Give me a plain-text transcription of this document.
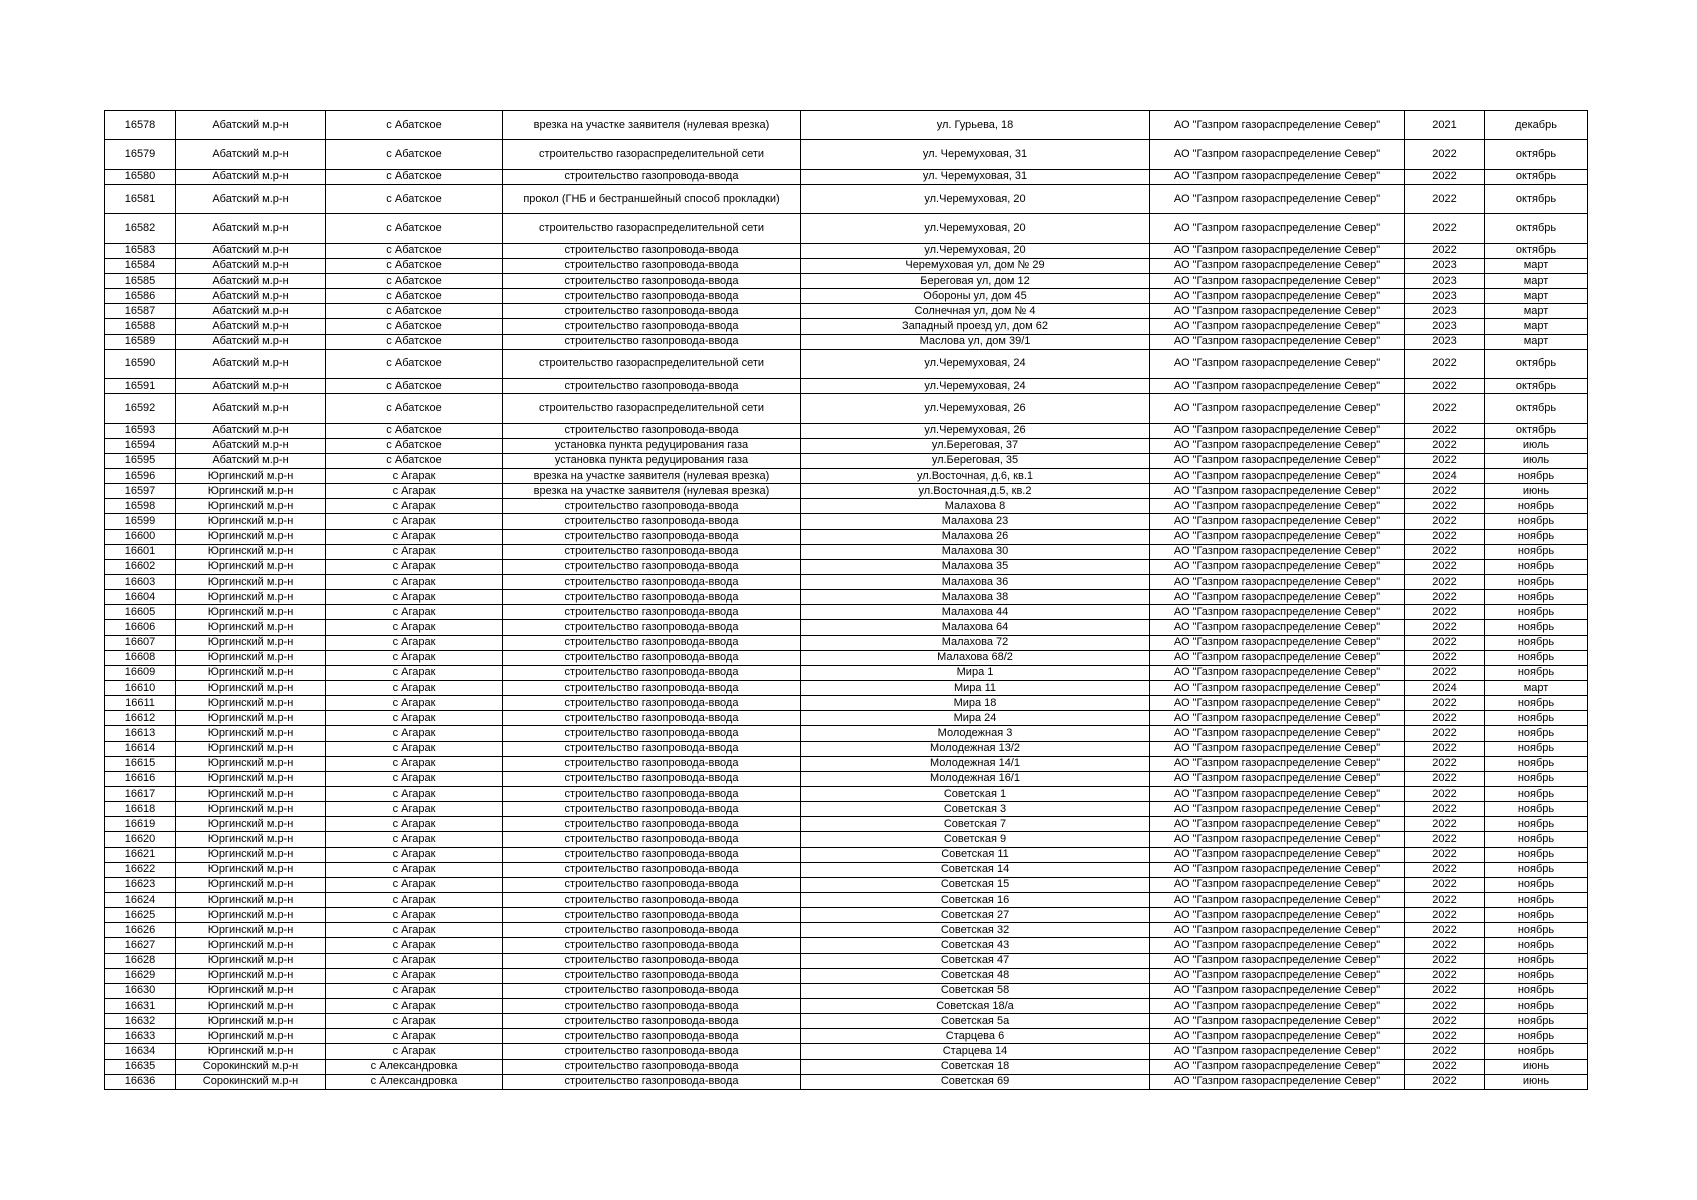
16578	Абатский м.р-н	с Абатское	врезка на участке заявителя (нулевая врезка)	ул. Гурьева, 18	АО "Газпром газораспределение Север"	2021	декабрь
16579	Абатский м.р-н	с Абатское	строительство газораспределительной сети	ул. Черемуховая, 31	АО "Газпром газораспределение Север"	2022	октябрь
16580	Абатский м.р-н	с Абатское	строительство газопровода-ввода	ул. Черемуховая, 31	АО "Газпром газораспределение Север"	2022	октябрь
16581	Абатский м.р-н	с Абатское	прокол (ГНБ и бестраншейный способ прокладки)	ул.Черемуховая, 20	АО "Газпром газораспределение Север"	2022	октябрь
16582	Абатский м.р-н	с Абатское	строительство газораспределительной сети	ул.Черемуховая, 20	АО "Газпром газораспределение Север"	2022	октябрь
16583	Абатский м.р-н	с Абатское	строительство газопровода-ввода	ул.Черемуховая, 20	АО "Газпром газораспределение Север"	2022	октябрь
16584	Абатский м.р-н	с Абатское	строительство газопровода-ввода	Черемуховая ул, дом № 29	АО "Газпром газораспределение Север"	2023	март
16585	Абатский м.р-н	с Абатское	строительство газопровода-ввода	Береговая ул, дом 12	АО "Газпром газораспределение Север"	2023	март
16586	Абатский м.р-н	с Абатское	строительство газопровода-ввода	Обороны ул, дом 45	АО "Газпром газораспределение Север"	2023	март
16587	Абатский м.р-н	с Абатское	строительство газопровода-ввода	Солнечная ул, дом № 4	АО "Газпром газораспределение Север"	2023	март
16588	Абатский м.р-н	с Абатское	строительство газопровода-ввода	Западный проезд ул, дом 62	АО "Газпром газораспределение Север"	2023	март
16589	Абатский м.р-н	с Абатское	строительство газопровода-ввода	Маслова ул, дом 39/1	АО "Газпром газораспределение Север"	2023	март
16590	Абатский м.р-н	с Абатское	строительство газораспределительной сети	ул.Черемуховая, 24	АО "Газпром газораспределение Север"	2022	октябрь
16591	Абатский м.р-н	с Абатское	строительство газопровода-ввода	ул.Черемуховая, 24	АО "Газпром газораспределение Север"	2022	октябрь
16592	Абатский м.р-н	с Абатское	строительство газораспределительной сети	ул.Черемуховая, 26	АО "Газпром газораспределение Север"	2022	октябрь
16593	Абатский м.р-н	с Абатское	строительство газопровода-ввода	ул.Черемуховая, 26	АО "Газпром газораспределение Север"	2022	октябрь
16594	Абатский м.р-н	с Абатское	установка пункта редуцирования газа	ул.Береговая, 37	АО "Газпром газораспределение Север"	2022	июль
16595	Абатский м.р-н	с Абатское	установка пункта редуцирования газа	ул.Береговая, 35	АО "Газпром газораспределение Север"	2022	июль
16596	Юргинский м.р-н	с Агарак	врезка на участке заявителя (нулевая врезка)	ул.Восточная, д.6, кв.1	АО "Газпром газораспределение Север"	2024	ноябрь
16597	Юргинский м.р-н	с Агарак	врезка на участке заявителя (нулевая врезка)	ул.Восточная,д.5, кв.2	АО "Газпром газораспределение Север"	2022	июнь
16598	Юргинский м.р-н	с Агарак	строительство газопровода-ввода	Малахова 8	АО "Газпром газораспределение Север"	2022	ноябрь
16599	Юргинский м.р-н	с Агарак	строительство газопровода-ввода	Малахова 23	АО "Газпром газораспределение Север"	2022	ноябрь
16600	Юргинский м.р-н	с Агарак	строительство газопровода-ввода	Малахова 26	АО "Газпром газораспределение Север"	2022	ноябрь
16601	Юргинский м.р-н	с Агарак	строительство газопровода-ввода	Малахова 30	АО "Газпром газораспределение Север"	2022	ноябрь
16602	Юргинский м.р-н	с Агарак	строительство газопровода-ввода	Малахова 35	АО "Газпром газораспределение Север"	2022	ноябрь
16603	Юргинский м.р-н	с Агарак	строительство газопровода-ввода	Малахова 36	АО "Газпром газораспределение Север"	2022	ноябрь
16604	Юргинский м.р-н	с Агарак	строительство газопровода-ввода	Малахова 38	АО "Газпром газораспределение Север"	2022	ноябрь
16605	Юргинский м.р-н	с Агарак	строительство газопровода-ввода	Малахова 44	АО "Газпром газораспределение Север"	2022	ноябрь
16606	Юргинский м.р-н	с Агарак	строительство газопровода-ввода	Малахова 64	АО "Газпром газораспределение Север"	2022	ноябрь
16607	Юргинский м.р-н	с Агарак	строительство газопровода-ввода	Малахова 72	АО "Газпром газораспределение Север"	2022	ноябрь
16608	Юргинский м.р-н	с Агарак	строительство газопровода-ввода	Малахова 68/2	АО "Газпром газораспределение Север"	2022	ноябрь
16609	Юргинский м.р-н	с Агарак	строительство газопровода-ввода	Мира 1	АО "Газпром газораспределение Север"	2022	ноябрь
16610	Юргинский м.р-н	с Агарак	строительство газопровода-ввода	Мира 11	АО "Газпром газораспределение Север"	2024	март
16611	Юргинский м.р-н	с Агарак	строительство газопровода-ввода	Мира 18	АО "Газпром газораспределение Север"	2022	ноябрь
16612	Юргинский м.р-н	с Агарак	строительство газопровода-ввода	Мира 24	АО "Газпром газораспределение Север"	2022	ноябрь
16613	Юргинский м.р-н	с Агарак	строительство газопровода-ввода	Молодежная 3	АО "Газпром газораспределение Север"	2022	ноябрь
16614	Юргинский м.р-н	с Агарак	строительство газопровода-ввода	Молодежная 13/2	АО "Газпром газораспределение Север"	2022	ноябрь
16615	Юргинский м.р-н	с Агарак	строительство газопровода-ввода	Молодежная 14/1	АО "Газпром газораспределение Север"	2022	ноябрь
16616	Юргинский м.р-н	с Агарак	строительство газопровода-ввода	Молодежная 16/1	АО "Газпром газораспределение Север"	2022	ноябрь
16617	Юргинский м.р-н	с Агарак	строительство газопровода-ввода	Советская 1	АО "Газпром газораспределение Север"	2022	ноябрь
16618	Юргинский м.р-н	с Агарак	строительство газопровода-ввода	Советская 3	АО "Газпром газораспределение Север"	2022	ноябрь
16619	Юргинский м.р-н	с Агарак	строительство газопровода-ввода	Советская 7	АО "Газпром газораспределение Север"	2022	ноябрь
16620	Юргинский м.р-н	с Агарак	строительство газопровода-ввода	Советская 9	АО "Газпром газораспределение Север"	2022	ноябрь
16621	Юргинский м.р-н	с Агарак	строительство газопровода-ввода	Советская 11	АО "Газпром газораспределение Север"	2022	ноябрь
16622	Юргинский м.р-н	с Агарак	строительство газопровода-ввода	Советская 14	АО "Газпром газораспределение Север"	2022	ноябрь
16623	Юргинский м.р-н	с Агарак	строительство газопровода-ввода	Советская 15	АО "Газпром газораспределение Север"	2022	ноябрь
16624	Юргинский м.р-н	с Агарак	строительство газопровода-ввода	Советская 16	АО "Газпром газораспределение Север"	2022	ноябрь
16625	Юргинский м.р-н	с Агарак	строительство газопровода-ввода	Советская 27	АО "Газпром газораспределение Север"	2022	ноябрь
16626	Юргинский м.р-н	с Агарак	строительство газопровода-ввода	Советская 32	АО "Газпром газораспределение Север"	2022	ноябрь
16627	Юргинский м.р-н	с Агарак	строительство газопровода-ввода	Советская 43	АО "Газпром газораспределение Север"	2022	ноябрь
16628	Юргинский м.р-н	с Агарак	строительство газопровода-ввода	Советская 47	АО "Газпром газораспределение Север"	2022	ноябрь
16629	Юргинский м.р-н	с Агарак	строительство газопровода-ввода	Советская 48	АО "Газпром газораспределение Север"	2022	ноябрь
16630	Юргинский м.р-н	с Агарак	строительство газопровода-ввода	Советская 58	АО "Газпром газораспределение Север"	2022	ноябрь
16631	Юргинский м.р-н	с Агарак	строительство газопровода-ввода	Советская 18/а	АО "Газпром газораспределение Север"	2022	ноябрь
16632	Юргинский м.р-н	с Агарак	строительство газопровода-ввода	Советская 5а	АО "Газпром газораспределение Север"	2022	ноябрь
16633	Юргинский м.р-н	с Агарак	строительство газопровода-ввода	Старцева 6	АО "Газпром газораспределение Север"	2022	ноябрь
16634	Юргинский м.р-н	с Агарак	строительство газопровода-ввода	Старцева 14	АО "Газпром газораспределение Север"	2022	ноябрь
16635	Сорокинский м.р-н	с Александровка	строительство газопровода-ввода	Советская 18	АО "Газпром газораспределение Север"	2022	июнь
16636	Сорокинский м.р-н	с Александровка	строительство газопровода-ввода	Советская 69	АО "Газпром газораспределение Север"	2022	июнь
